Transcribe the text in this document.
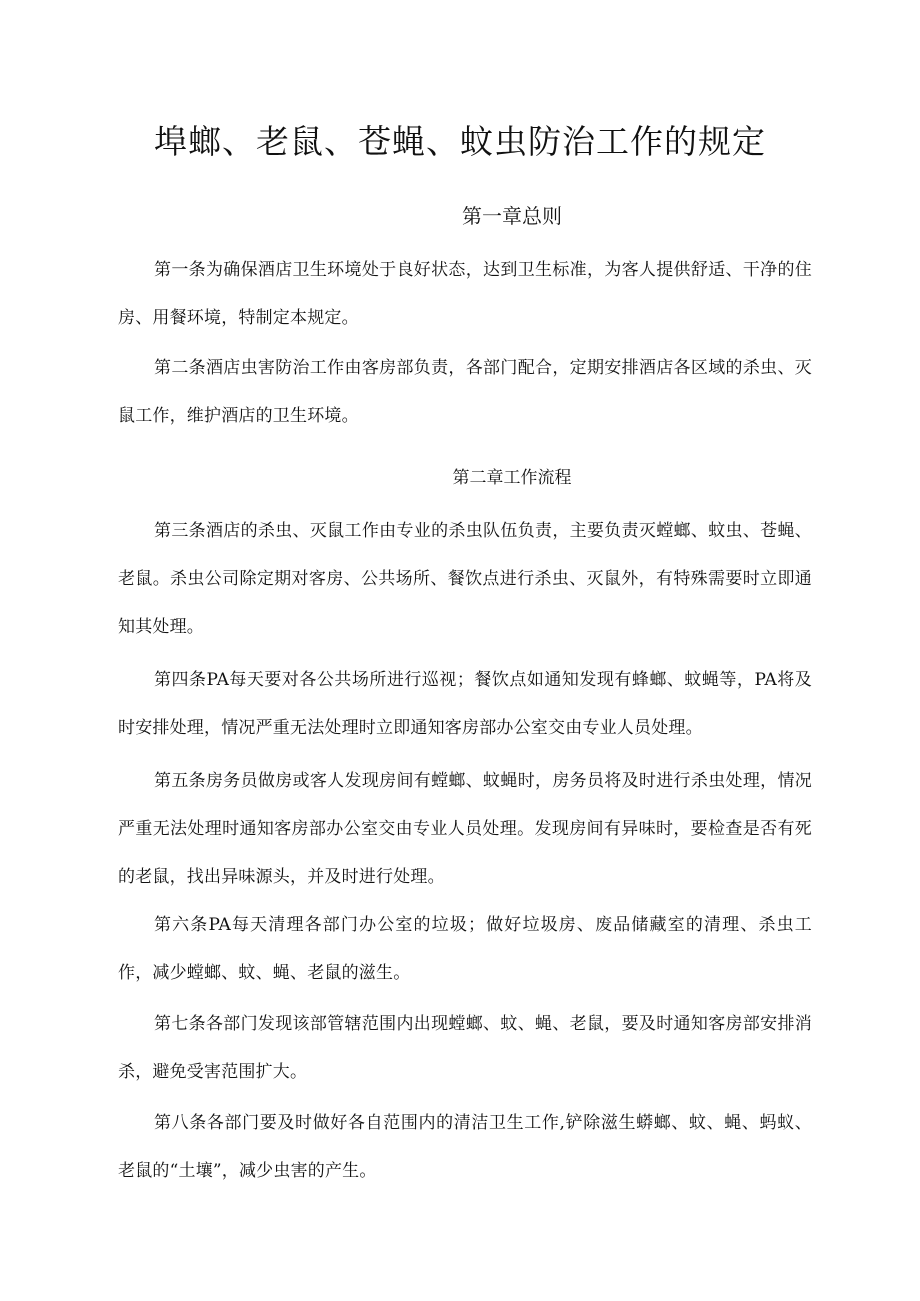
埠螂、老鼠、苍蝇、蚊虫防治工作的规定
第一章总则

第一条为确保酒店卫生环境处于良好状态，达到卫生标准，为客人提供舒适、干净的住房、用餐环境，特制定本规定。

第二条酒店虫害防治工作由客房部负责，各部门配合，定期安排酒店各区域的杀虫、灭鼠工作，维护酒店的卫生环境。

第二章工作流程

第三条酒店的杀虫、灭鼠工作由专业的杀虫队伍负责，主要负责灭螳螂、蚊虫、苍蝇、老鼠。杀虫公司除定期对客房、公共场所、餐饮点进行杀虫、灭鼠外，有特殊需要时立即通知其处理。

第四条PA每天要对各公共场所进行巡视；餐饮点如通知发现有蜂螂、蚊蝇等，PA将及时安排处理，情况严重无法处理时立即通知客房部办公室交由专业人员处理。

第五条房务员做房或客人发现房间有螳螂、蚊蝇时，房务员将及时进行杀虫处理，情况严重无法处理时通知客房部办公室交由专业人员处理。发现房间有异味时，要检查是否有死的老鼠，找出异味源头，并及时进行处理。

第六条PA每天清理各部门办公室的垃圾；做好垃圾房、废品储藏室的清理、杀虫工作，减少螳螂、蚊、蝇、老鼠的滋生。

第七条各部门发现该部管辖范围内出现螳螂、蚊、蝇、老鼠，要及时通知客房部安排消杀，避免受害范围扩大。

第八条各部门要及时做好各自范围内的清洁卫生工作,铲除滋生蟒螂、蚊、蝇、蚂蚁、老鼠的“土壤”，减少虫害的产生。
